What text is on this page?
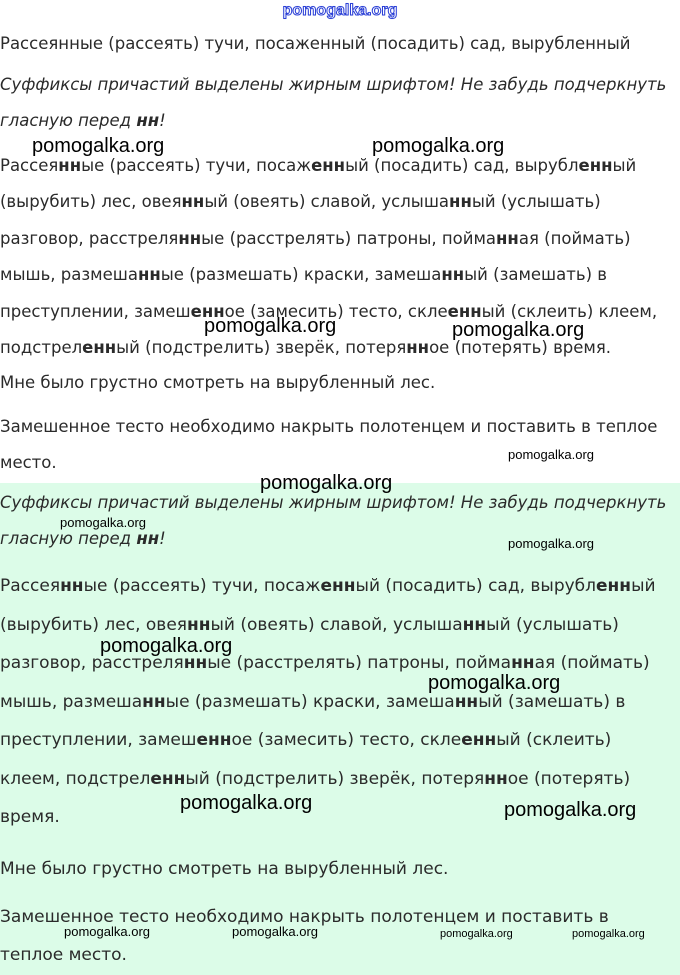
pomogalka.org

Рассеянные (рассеять) тучи, посаженный (посадить) сад, вырубленный

Суффиксы причастий выделены жирным шрифтом! Не забудь подчеркнуть гласную перед нн!

Рассеянные (рассеять) тучи, посаженный (посадить) сад, вырубленный (вырубить) лес, овеянный (овеять) славой, услышанный (услышать) разговор, расстрелянные (расстрелять) патроны, пойманная (поймать) мышь, размешанные (размешать) краски, замешанный (замешать) в преступлении, замешенное (замесить) тесто, склеенный (склеить) клеем, подстреленный (подстрелить) зверёк, потерянное (потерять) время.

Мне было грустно смотреть на вырубленный лес.

Замешенное тесто необходимо накрыть полотенцем и поставить в теплое место.

Суффиксы причастий выделены жирным шрифтом! Не забудь подчеркнуть гласную перед нн!

Рассеянные (рассеять) тучи, посаженный (посадить) сад, вырубленный (вырубить) лес, овеянный (овеять) славой, услышанный (услышать) разговор, расстрелянные (расстрелять) патроны, пойманная (поймать) мышь, размешанные (размешать) краски, замешанный (замешать) в преступлении, замешенное (замесить) тесто, склеенный (склеить) клеем, подстреленный (подстрелить) зверёк, потерянное (потерять) время.

Мне было грустно смотреть на вырубленный лес.

Замешенное тесто необходимо накрыть полотенцем и поставить в теплое место.

pomogalka.org	pomogalka.org
pomogalka.org	pomogalka.org
pomogalka.org
pomogalka.org
pomogalka.org
pomogalka.org
pomogalka.org
pomogalka.org
pomogalka.org	pomogalka.org
pomogalka.org	pomogalka.org	pomogalka.org	pomogalka.org
